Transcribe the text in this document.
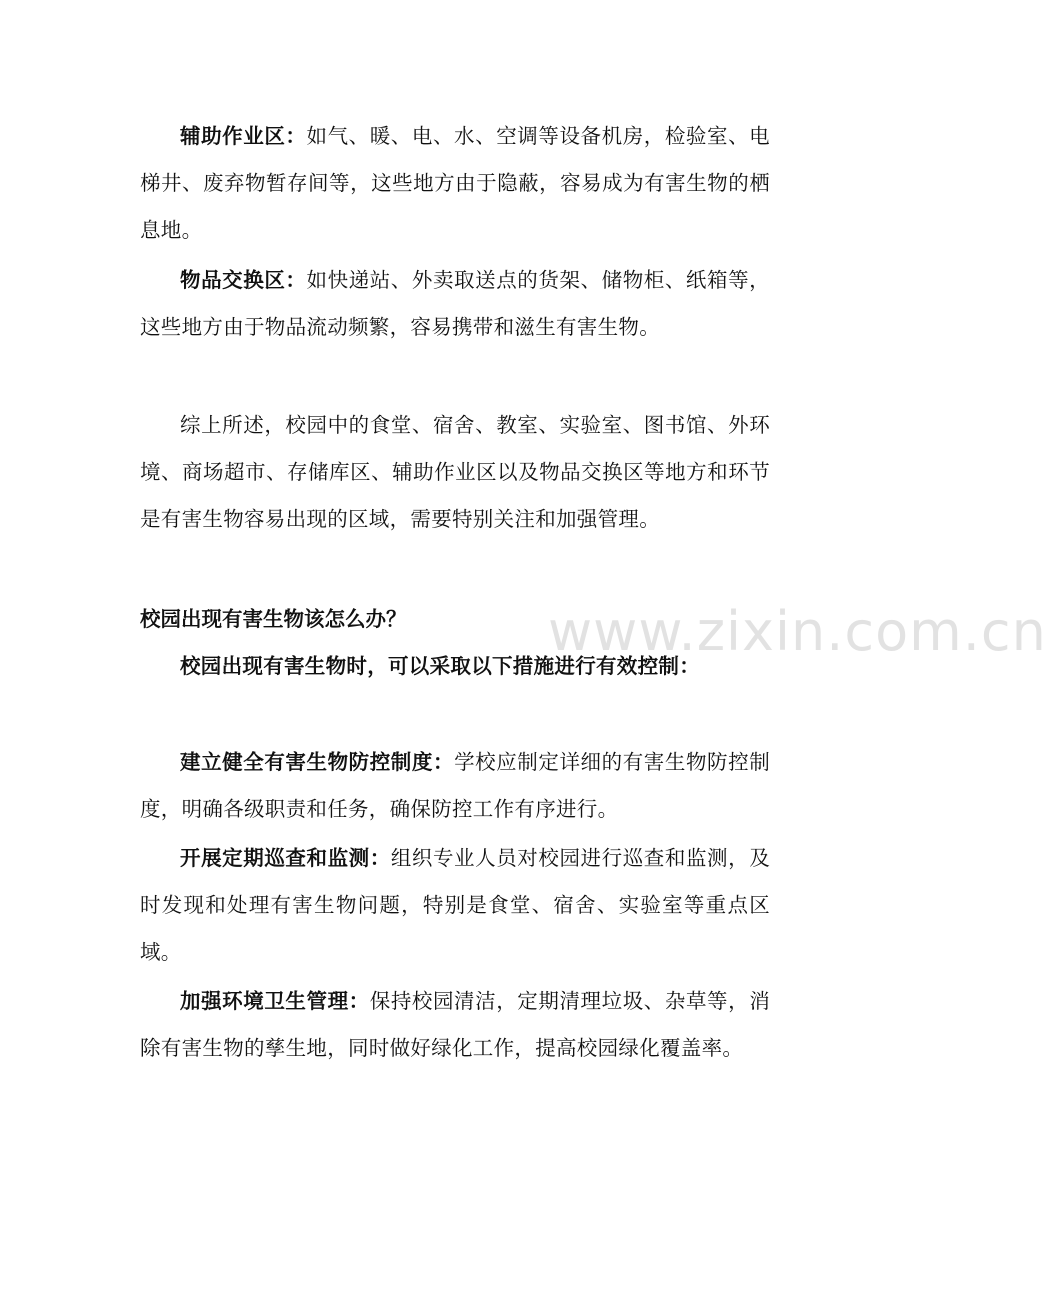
辅助作业区：如气、暖、电、水、空调等设备机房，检验室、电梯井、废弃物暂存间等，这些地方由于隐蔽，容易成为有害生物的栖息地。

物品交换区：如快递站、外卖取送点的货架、储物柜、纸箱等，这些地方由于物品流动频繁，容易携带和滋生有害生物。

综上所述，校园中的食堂、宿舍、教室、实验室、图书馆、外环境、商场超市、存储库区、辅助作业区以及物品交换区等地方和环节是有害生物容易出现的区域，需要特别关注和加强管理。

校园出现有害生物该怎么办？

校园出现有害生物时，可以采取以下措施进行有效控制：

建立健全有害生物防控制度：学校应制定详细的有害生物防控制度，明确各级职责和任务，确保防控工作有序进行。

开展定期巡查和监测：组织专业人员对校园进行巡查和监测，及时发现和处理有害生物问题，特别是食堂、宿舍、实验室等重点区域。

加强环境卫生管理：保持校园清洁，定期清理垃圾、杂草等，消除有害生物的孳生地，同时做好绿化工作，提高校园绿化覆盖率。

www.zixin.com.cn
